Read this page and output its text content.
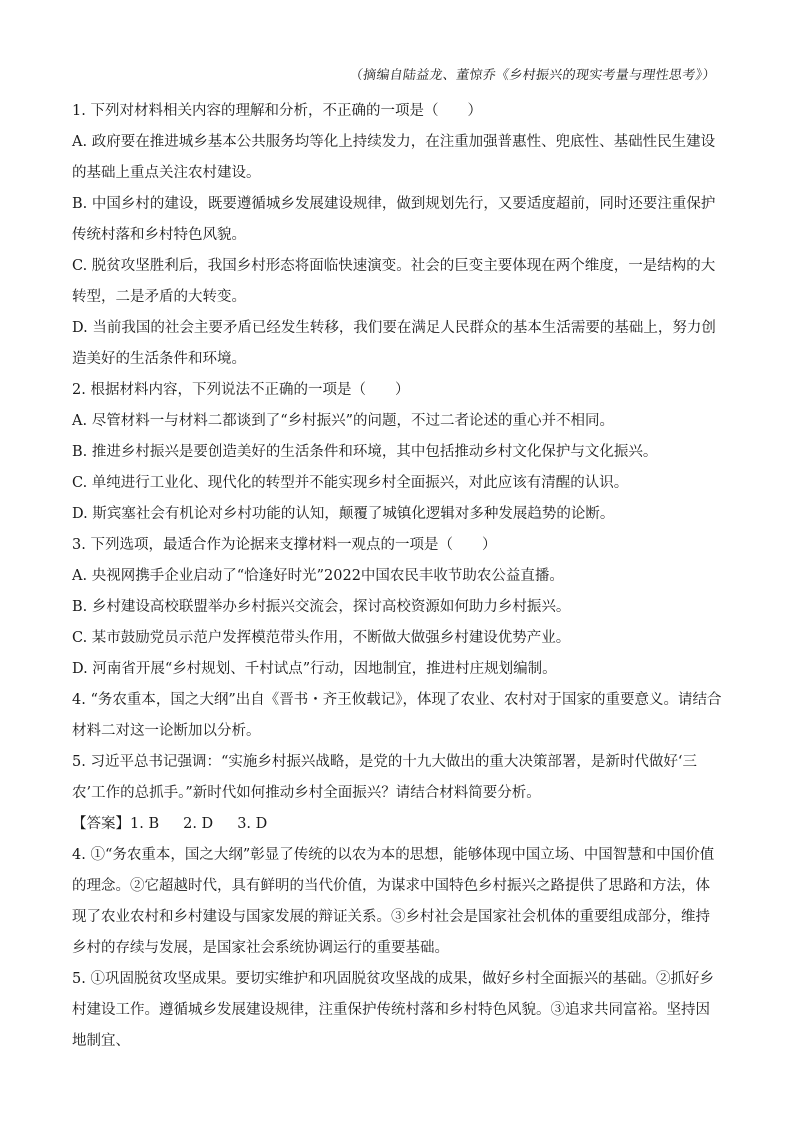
（摘编自陆益龙、董惊乔《乡村振兴的现实考量与理性思考》）

1. 下列对材料相关内容的理解和分析，不正确的一项是（　　）

A. 政府要在推进城乡基本公共服务均等化上持续发力，在注重加强普惠性、兜底性、基础性民生建设的基础上重点关注农村建设。

B. 中国乡村的建设，既要遵循城乡发展建设规律，做到规划先行，又要适度超前，同时还要注重保护传统村落和乡村特色风貌。

C. 脱贫攻坚胜利后，我国乡村形态将面临快速演变。社会的巨变主要体现在两个维度，一是结构的大转型，二是矛盾的大转变。

D. 当前我国的社会主要矛盾已经发生转移，我们要在满足人民群众的基本生活需要的基础上，努力创造美好的生活条件和环境。

2. 根据材料内容，下列说法不正确的一项是（　　）

A. 尽管材料一与材料二都谈到了“乡村振兴”的问题，不过二者论述的重心并不相同。

B. 推进乡村振兴是要创造美好的生活条件和环境，其中包括推动乡村文化保护与文化振兴。

C. 单纯进行工业化、现代化的转型并不能实现乡村全面振兴，对此应该有清醒的认识。

D. 斯宾塞社会有机论对乡村功能的认知，颠覆了城镇化逻辑对多种发展趋势的论断。

3. 下列选项，最适合作为论据来支撑材料一观点的一项是（　　）

A. 央视网携手企业启动了“恰逢好时光”2022中国农民丰收节助农公益直播。

B. 乡村建设高校联盟举办乡村振兴交流会，探讨高校资源如何助力乡村振兴。

C. 某市鼓励党员示范户发挥模范带头作用，不断做大做强乡村建设优势产业。

D. 河南省开展“乡村规划、千村试点”行动，因地制宜，推进村庄规划编制。

4. “务农重本，国之大纲”出自《晋书・齐王攸载记》，体现了农业、农村对于国家的重要意义。请结合材料二对这一论断加以分析。

5. 习近平总书记强调：“实施乡村振兴战略，是党的十九大做出的重大决策部署，是新时代做好‘三农’工作的总抓手。”新时代如何推动乡村全面振兴？请结合材料简要分析。

【答案】1. B 2. D 3. D

4. ①“务农重本，国之大纲”彰显了传统的以农为本的思想，能够体现中国立场、中国智慧和中国价值的理念。②它超越时代，具有鲜明的当代价值，为谋求中国特色乡村振兴之路提供了思路和方法，体现了农业农村和乡村建设与国家发展的辩证关系。③乡村社会是国家社会机体的重要组成部分，维持乡村的存续与发展，是国家社会系统协调运行的重要基础。

5. ①巩固脱贫攻坚成果。要切实维护和巩固脱贫攻坚战的成果，做好乡村全面振兴的基础。②抓好乡村建设工作。遵循城乡发展建设规律，注重保护传统村落和乡村特色风貌。③追求共同富裕。坚持因地制宜、
